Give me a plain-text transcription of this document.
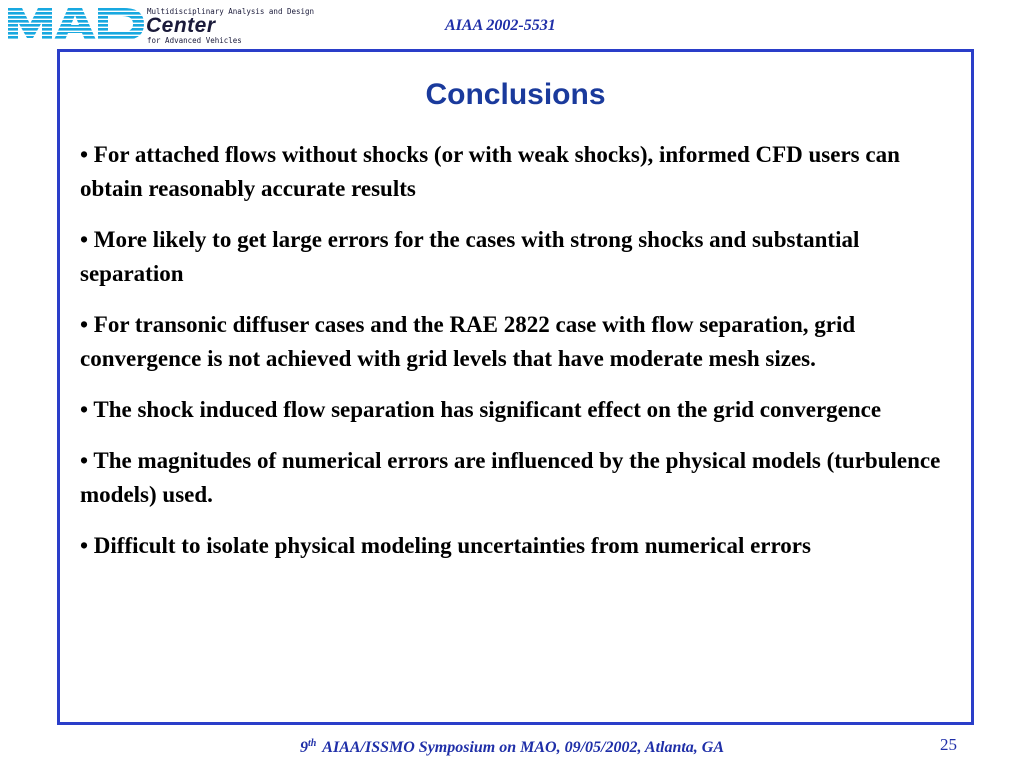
Multidisciplinary Analysis and Design
Center
for Advanced Vehicles
AIAA 2002-5531
Conclusions
• For attached flows without shocks (or with weak shocks), informed CFD users can obtain reasonably accurate results
• More likely to get large errors for the cases with strong shocks and substantial separation
• For transonic diffuser cases and the RAE 2822 case with flow separation, grid convergence is not achieved with grid levels that have moderate mesh sizes.
• The shock induced flow separation has significant effect on the grid convergence
• The magnitudes of numerical errors are influenced by the physical models (turbulence models) used.
• Difficult to isolate physical modeling uncertainties from numerical errors
9th AIAA/ISSMO Symposium on MAO, 09/05/2002, Atlanta, GA	25
